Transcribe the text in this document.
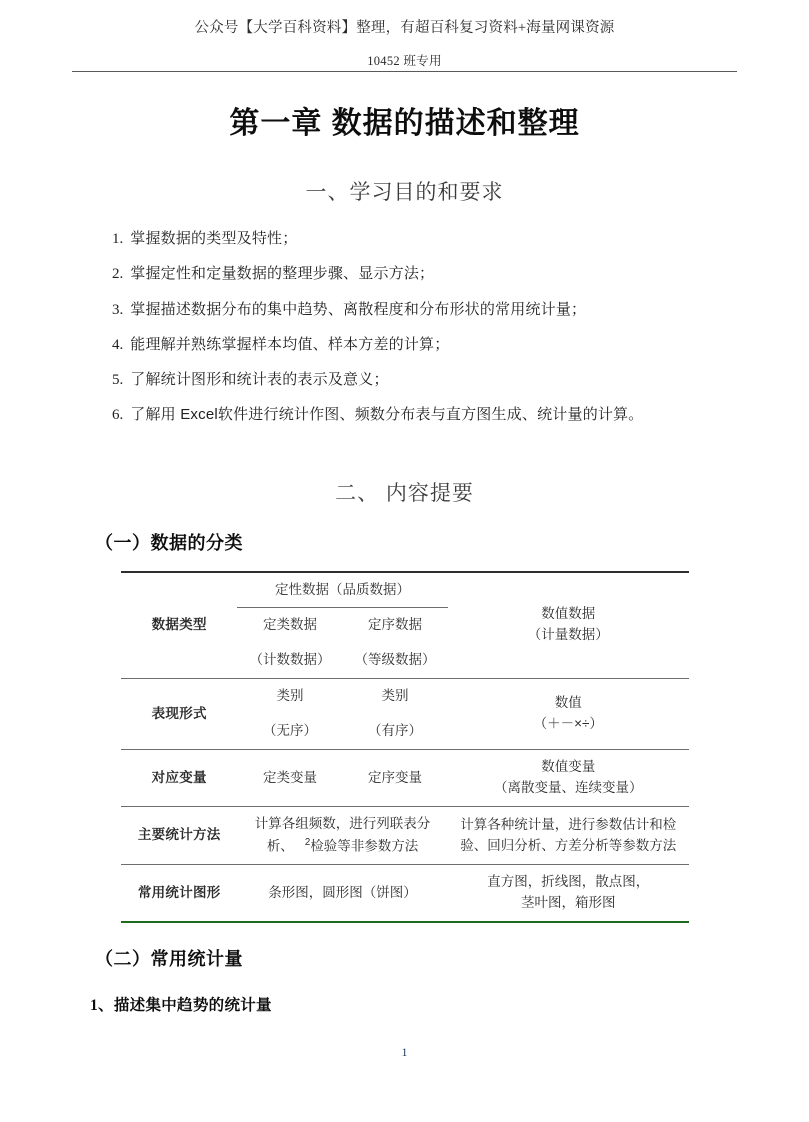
公众号【大学百科资料】整理，有超百科复习资料+海量网课资源
10452 班专用
第一章 数据的描述和整理
一、学习目的和要求
1. 掌握数据的类型及特性；
2. 掌握定性和定量数据的整理步骤、显示方法；
3. 掌握描述数据分布的集中趋势、离散程度和分布形状的常用统计量；
4. 能理解并熟练掌握样本均值、样本方差的计算；
5. 了解统计图形和统计表的表示及意义；
6. 了解用 Excel软件进行统计作图、频数分布表与直方图生成、统计量的计算。
二、 内容提要
（一）数据的分类
数据类型	定性数据（品质数据）		数值数据
（计量数据）
	定类数据	定序数据	
	（计数数据）	（等级数据）	
表现形式	类别	类别	数值
（＋－×÷）
	（无序）	（有序）	
对应变量	定类变量	定序变量	数值变量
（离散变量、连续变量）
主要统计方法	计算各组频数，进行列联表分析、 $^2$检验等非参数方法		计算各种统计量，进行参数估计和检验、回归分析、方差分析等参数方法
常用统计图形	条形图，圆形图（饼图）		直方图，折线图，散点图，
茎叶图，箱形图
（二）常用统计量
1、描述集中趋势的统计量
1
